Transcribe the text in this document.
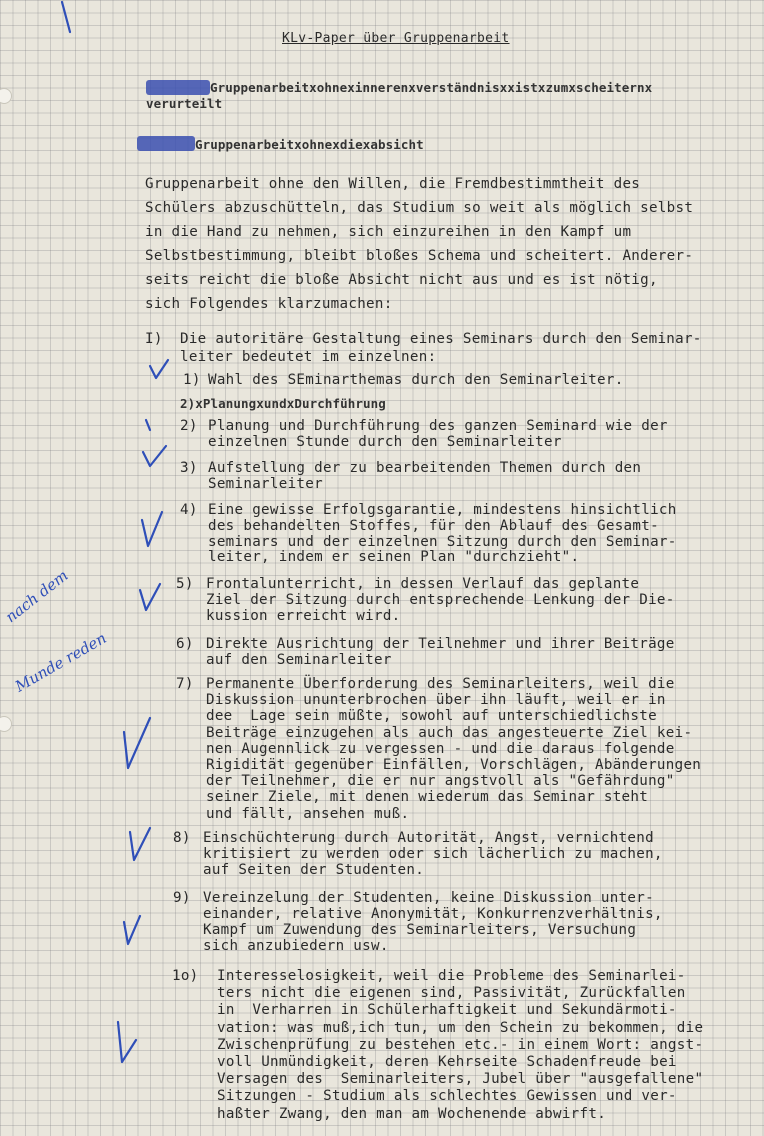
KLv-Paper über Gruppenarbeit
Gruppenarbeitxohnexinnerenxverständnisxxistxzumxscheiternx
verurteilt
Gruppenarbeitxohnexdiexabsicht
Gruppenarbeit ohne den Willen, die Fremdbestimmtheit des
Schülers abzuschütteln, das Studium so weit als möglich selbst
in die Hand zu nehmen, sich einzureihen in den Kampf um
Selbstbestimmung, bleibt bloßes Schema und scheitert. Anderer-
seits reicht die bloße Absicht nicht aus und es ist nötig,
sich Folgendes klarzumachen:
I) Die autoritäre Gestaltung eines Seminars durch den Seminar-
leiter bedeutet im einzelnen:
2)xPlanungxundxDurchführung
1) Wahl des SEminarthemas durch den Seminarleiter.
2) Planung und Durchführung des ganzen Seminard wie der
einzelnen Stunde durch den Seminarleiter
3) Aufstellung der zu bearbeitenden Themen durch den
Seminarleiter
4) Eine gewisse Erfolgsgarantie, mindestens hinsichtlich
des behandelten Stoffes, für den Ablauf des Gesamt-
seminars und der einzelnen Sitzung durch den Seminar-
leiter, indem er seinen Plan "durchzieht".
5) Frontalunterricht, in dessen Verlauf das geplante
Ziel der Sitzung durch entsprechende Lenkung der Die-
kussion erreicht wird.
6) Direkte Ausrichtung der Teilnehmer und ihrer Beiträge
auf den Seminarleiter
7) Permanente Überforderung des Seminarleiters, weil die
Diskussion ununterbrochen über ihn läuft, weil er in
dee  Lage sein müßte, sowohl auf unterschiedlichste
Beiträge einzugehen als auch das angesteuerte Ziel kei-
nen Augennlick zu vergessen - und die daraus folgende
Rigidität gegenüber Einfällen, Vorschlägen, Abänderungen
der Teilnehmer, die er nur angstvoll als "Gefährdung"
seiner Ziele, mit denen wiederum das Seminar steht
und fällt, ansehen muß.
8) Einschüchterung durch Autorität, Angst, vernichtend
kritisiert zu werden oder sich lächerlich zu machen,
auf Seiten der Studenten.
9) Vereinzelung der Studenten, keine Diskussion unter-
einander, relative Anonymität, Konkurrenzverhältnis,
Kampf um Zuwendung des Seminarleiters, Versuchung
sich anzubiedern usw.
1o) Interesselosigkeit, weil die Probleme des Seminarlei-
ters nicht die eigenen sind, Passivität, Zurückfallen
in  Verharren in Schülerhaftigkeit und Sekundärmoti-
vation: was muß,ich tun, um den Schein zu bekommen, die
Zwischenprüfung zu bestehen etc.- in einem Wort: angst-
voll Unmündigkeit, deren Kehrseite Schadenfreude bei
Versagen des  Seminarleiters, Jubel über "ausgefallene"
Sitzungen - Studium als schlechtes Gewissen und ver-
haßter Zwang, den man am Wochenende abwirft.
nach dem
Munde reden
